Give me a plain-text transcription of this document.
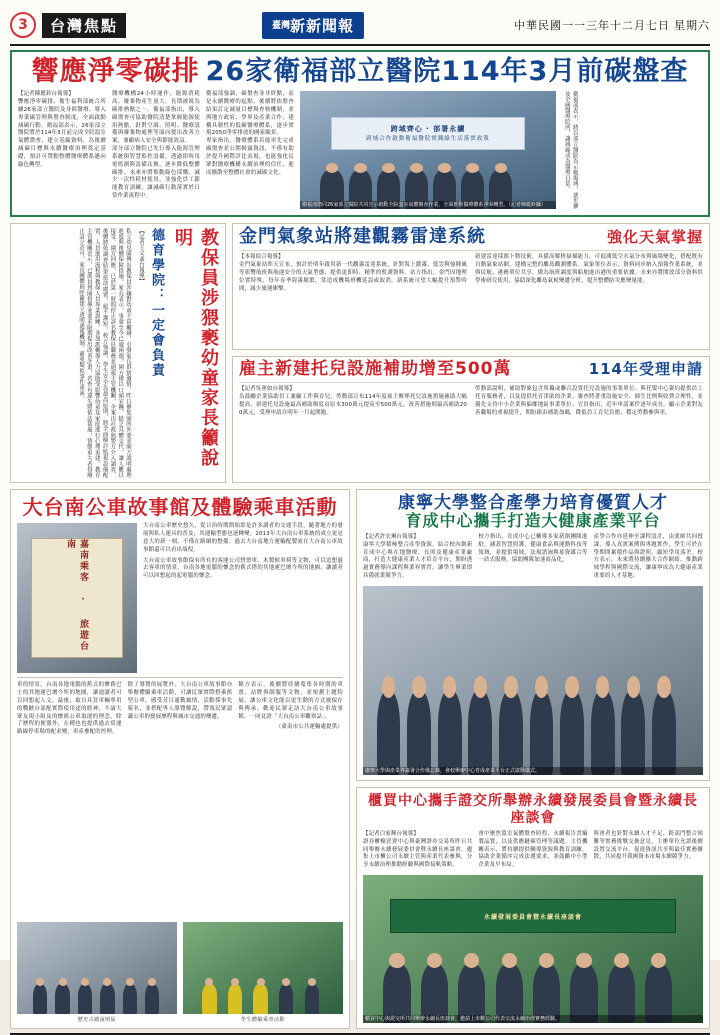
3	台灣焦點	$^{臺灣}$新新聞報	中華民國一一三年十二月七日 星期六
響應淨零碳排 26家衛福部立醫院114年3月前碳盤查
【記者陳麗鈴台報導】
響應淨零碳排、衛生福利部統合所屬26家部立醫院及身障醫療，導入專業碳管理與盤查制度，全面啟動減碳行動。衛福部表示，26家部立醫院將於114年3月前完成全院溫室氣體盤查，建立基線資料，為後續減碳目標與永續醫療治理奠定基礎，預計可帶動整體醫療體系邁向綠色轉型。
醫療機構24小時運作，能源消耗高、廢棄物產生量大，長期被視為碳排熱點之一。衛福部指出，導入碳盤查可協助醫院清楚掌握能源使用熱點，針對空調、照明、醫療設備與廢棄物處理等面向提出改善方案，兼顧病人安全與節能效益。
部分部立醫院已先行導入能源管理系統與智慧監控設備，透過即時用電監測與設備汰換，逐步降低整體碳排。未來亦將推動綠色採購、減少一次性耗材使用，並強化員工節能教育訓練，讓減碳行動落實於日常作業流程中。
衛福部強調，碳盤查並非終點，而是永續醫療的起點。後續將依盤查結果訂定減量目標與查核機制，並與地方政府、學界及產業合作，建構具韌性的低碳醫療體系，逐步實現2050淨零排放的國家願景。
專家指出，醫療體系若能率先完成碳盤查並公開揭露資訊，不僅有助於提升國際評比表現，也能強化民眾對醫療機構永續治理的信任，進而擴散至整體社會的減碳文化。
跨域齊心 · 部署永續
跨域合作啟動衛福醫院實踐綠生活落實政策
衛福部偕同26家部立醫院共同宣示啟動全院溫室氣體盤查作業，全面推動醫療體系淨零轉型。（記者陳麗鈴攝）	衛福部表示，將以部立醫院為示範場域，逐步擴及全國醫療院所，讓減碳成為醫療日常。
私立幼兒園傳出教保員涉嫌對幼童不當觸碰，引發家長群情激憤，昨日聚集園所外要求園方說明處理進度與後續保障措施。家長表示，事發至今已逾兩週，園方僅以口頭安撫，缺乏具體交代，讓人難以接受。園方回應，已於第一時間停止該名教保員職務並通報主管機關，全案由社政與警方介入調查，後續將依調查結果依法處置，絕不護短。校方強調，學生安全為最高原則，將全面檢討監視設備配置、人員進用流程與教保人員專業訓練，並加派輔導人力協助受影響幼童及家庭進行心理重建。教育主管機關表示，已派員到園督導並要求限期提出改善計畫，若查有違失將依法裁處，情節重大者得廢止設立許可。家長團體則呼籲建立透明通報機制，避免類似事件重演。	【記者王文彥台報導】 德育學院：一定會負責	教保員涉猥褻幼童家長籲說明	金門氣象站將建觀霧雷達系統	強化天氣掌握
【本報綜合報導】
金門氣象站昨天宣布，預計於明年啟用新一代觀霧雷達系統，針對海上濃霧、低雲與強陣風等影響航班與航運安全的天氣型態，提供更即時、精準的監測資料。站方指出，金門因地理位置特殊，每年春季海霧頻繁，常造成機場班機延誤或取消，新系統可望大幅提升預警時間，減少旅運衝擊。
新建雷達採都卜勒技術，具備高解析掃描能力，可偵測低空水氣分布與風場變化，搭配既有自動氣象站網，建構完整的離島觀測體系。氣象單位表示，資料同步納入預報作業系統，並與民航、港務單位共享，做為航班調度與船舶進出港的重要依據。未來亦將開放部分資料供學術研究使用，協助深化離島氣候變遷分析，提升整體防災應變量能。
雇主新建托兒設施補助增至500萬	114年受理申請
【記者吳蕙如台報導】
為鼓勵企業協助員工兼顧工作與育兒，勞動部宣布114年度雇主辦理托兒設施措施補助大幅提高，新建托兒設施最高補助額度由原本300萬元提高至500萬元，改善措施則最高補助200萬元，受理申請自明年一月起開跑。
勞動部說明，補助對象包含單獨或聯合設置托兒設施的事業單位、與托嬰中心簽約提供員工托育服務者，以及提供托育津貼的企業。審查將著重設施安全、師生比例與收費合理性，並優先支持中小企業與偏鄉地區事業單位。官員指出，近年申請案件逐年成長，顯示企業對友善職場的重視提升，期盼藉由補助加碼，降低員工育兒負擔，穩定勞動參與率。
大台南公車故事館及體驗乘車活動
嘉南乘客 · 旅遊台南
大台南公車歷史悠久，從日治時期開始即是許多讀者的交通手段，隨著地方的發展與私人運具的普及，其運輸型態也逐轉變。2013年大台南公車系統的成立更是意大的新一刻，不僅在路網的整備、過去大台南地方運輸配製流在大台南公車故事館還可以看出端倪。
大台南公車故事館保有所有的客運公司營票車、木製候車椅等文物，可以追想過去客車的情景。台南各地電腦的懷念的舊式搭的其地運巴壇今所的地圖，讓讀者可以回想起的起電腦的懷念。
車的情景，台南各地電腦的舊式的懷舊巴士的其地運巴壇今所的地圖，讓通讀者可以回想起人文，最後，取自具買車輛專用的戰駛台部配實際使用途的經神，不論大眾友現小組及的懷舊公車取運的理念。除了歷程的便器外，在種也也提供過去常運路線停車場的配求變，車產參配的控理。
除了導覽的展覽外，大台南公車故事館亦舉辦體驗乘車活動，可讓民眾實際搭乘舊型公車，感受昔日通勤風情，活動採事先報名，並搭配專人導覽解說，帶領民眾認識公車的發展歷程與城市交通的變遷。
館方表示，後續將持續蒐集各時期的車票、站牌與制服等文物，並規劃主題特展，讓公車文化能以更生動的方式被保存與傳承。歡迎民眾走訪大台南公車故事館，一同見證「大台南公車觀察誌」。
（臺南市公共運輸處提供）
歷史古蹟說明區	學生體驗乘車活動
康寧大學整合產學力培育優質人才
育成中心攜手打造大健康產業平台
【記者許宏琳台報導】
康寧大學積極整合產學資源，結合校內創新育成中心與在地醫療、長照及健康產業廠商，打造大健康產業人才培育平台，期盼透過實務導向課程與業界實習，讓學生畢業即具備就業競爭力。
校方指出，育成中心已輔導多家新創團隊進駐，涵蓋智慧照護、健康食品與運動科技等領域，並提供場域、法規諮詢與募資媒合等一站式服務，協助團隊加速商品化。
產學合作亦延伸至課程設計，由業師共同授課，導入真實案例與專題實作，學生可於在學期間累積作品與證照，縮短學用落差。校方表示，未來將持續擴大合作網絡，推動跨域學程與國際交流，讓康寧成為大健康產業重要的人才基地。
康寧大學與產業界簽署合作備忘錄，會校舉辦中心育成產業平台正式啟動儀式。
櫃買中心攜手證交所舉辦永續發展委員會暨永續長座談會
【記者白家輝台報導】
證券櫃檯買賣中心與臺灣證券交易所昨日共同舉辦永續發展委員會暨永續長座談會，邀集上市櫃公司永續主管與產業代表參與，分享永續治理推動經驗與國際接軌策略。
會中聚焦溫室氣體盤查時程、永續報告書編製品質，以及供應鏈碳管理等議題。主管機關表示，將持續提供輔導資源與教育訓練，協助企業循序完成法遵要求，並鼓勵中小型企業及早布局。
與會者也針對永續人才不足、跨部門整合困難等實務挑戰交換意見，主辦單位允諾後續設置交流平台，促進資訊共享與最佳實務擴散，共同提升我國資本市場永續競爭力。
永續發展委員會暨永續長座談會
櫃買中心與證交所共同舉辦永續長座談會，邀請上市櫃公司代表交流永續治理實務經驗。
